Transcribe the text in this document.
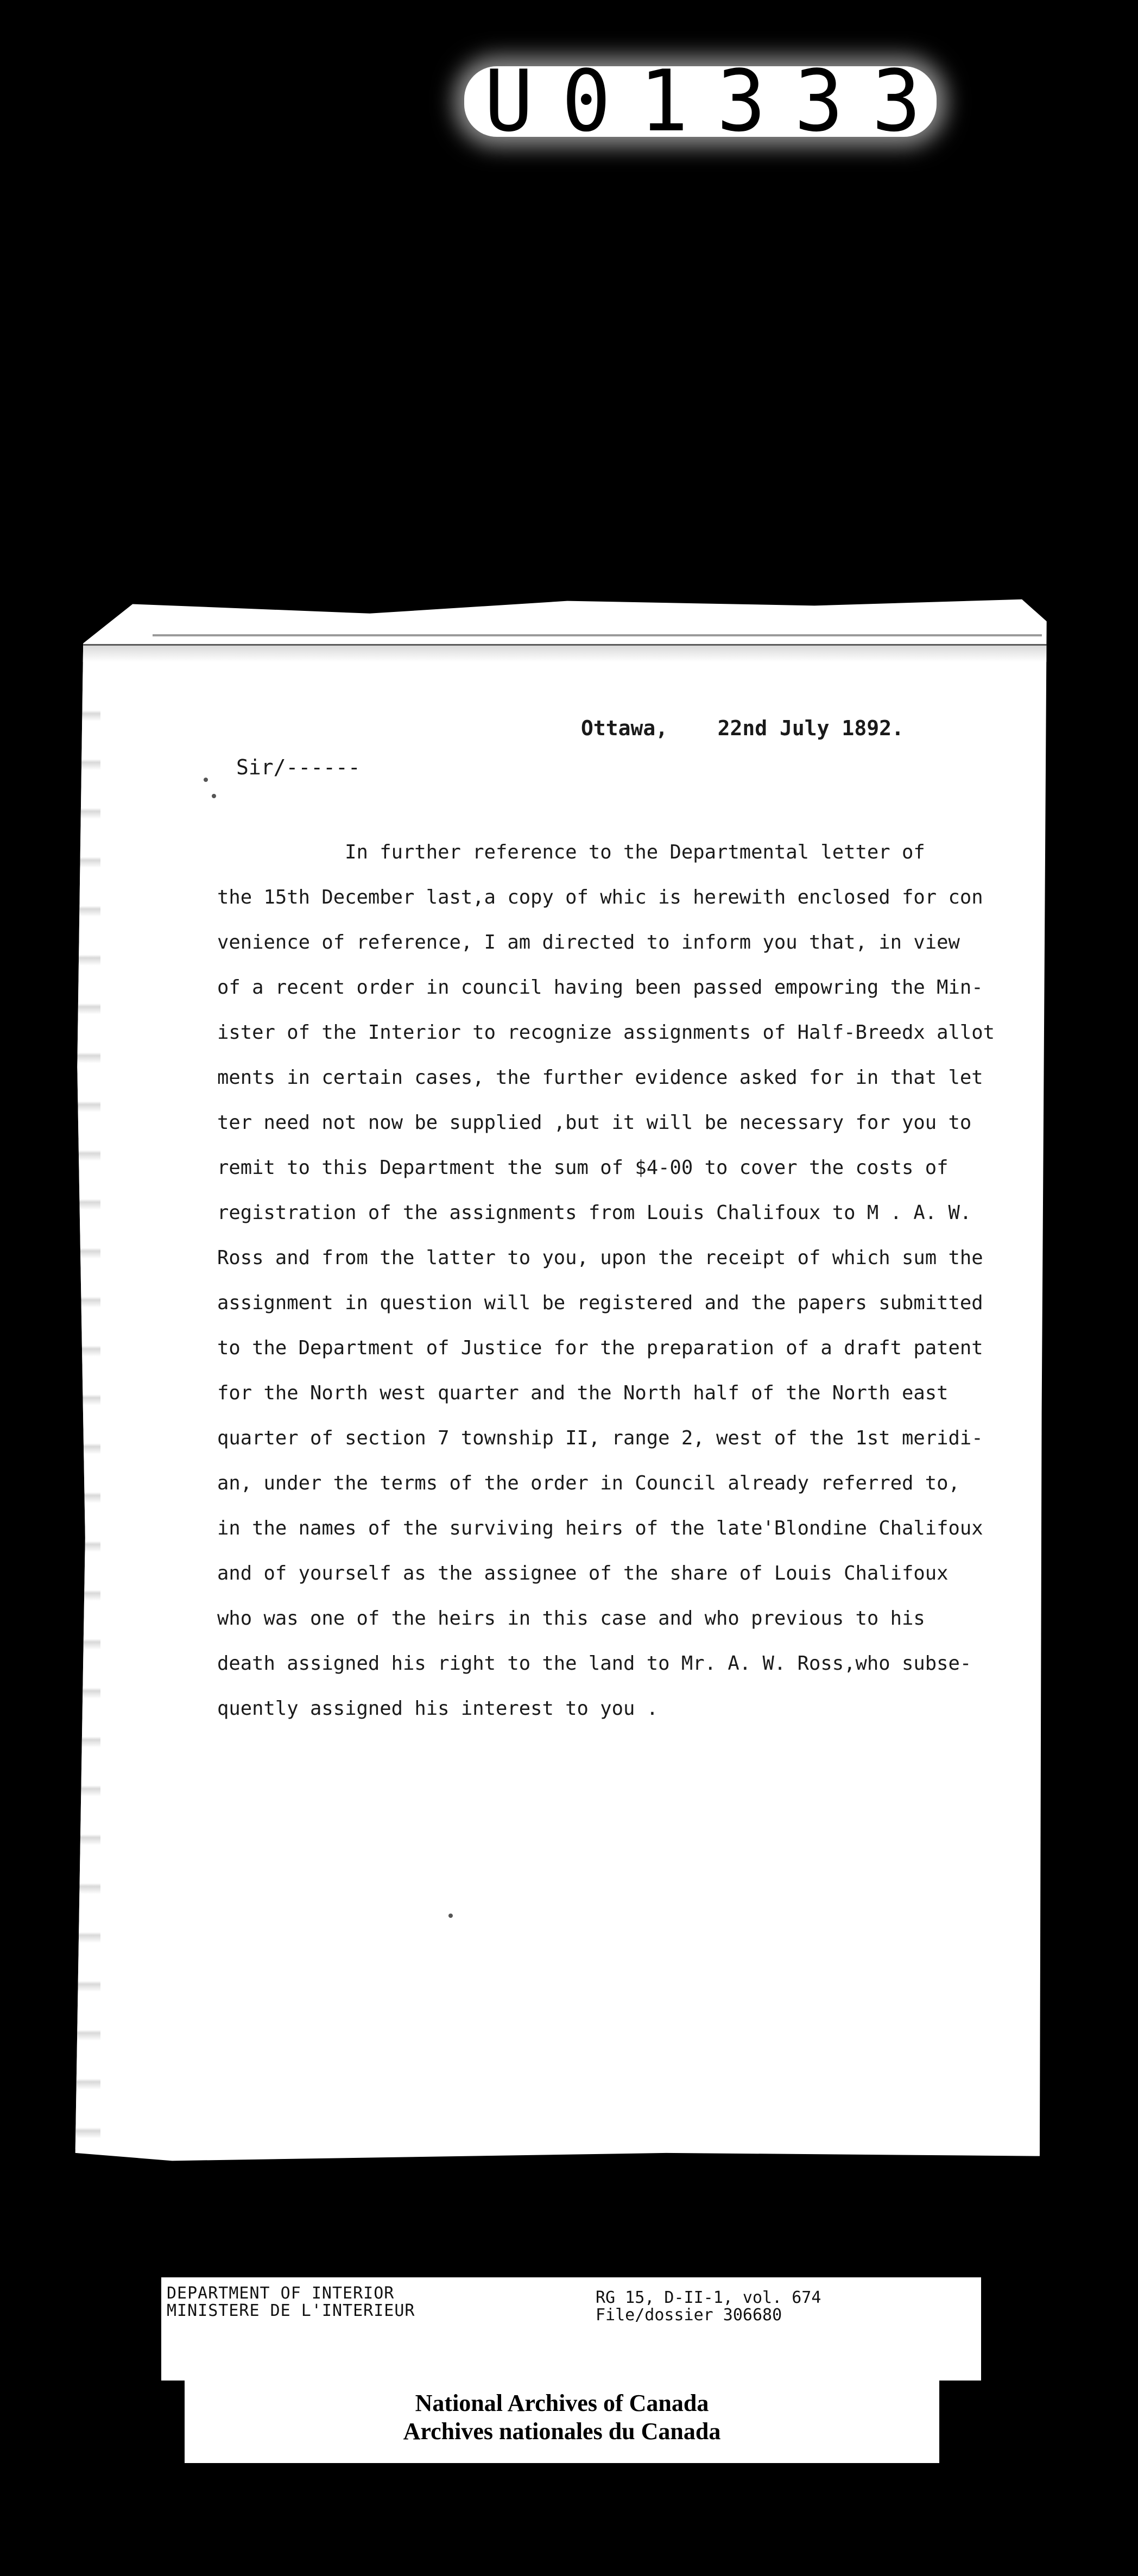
U01333
Ottawa,    22nd July 1892.
Sir/------
In further reference to the Departmental letter of
the 15th December last,a copy of whic is herewith enclosed for con
venience of reference, I am directed to inform you that, in view
of a recent order in council having been passed empowring the Min-
ister of the Interior to recognize assignments of Half-Breedx allot
ments in certain cases, the further evidence asked for in that let
ter need not now be supplied ,but it will be necessary for you to
remit to this Department the sum of $4-00 to cover the costs of
registration of the assignments from Louis Chalifoux to M . A. W.
Ross and from the latter to you, upon the receipt of which sum the
assignment in question will be registered and the papers submitted
to the Department of Justice for the preparation of a draft patent
for the North west quarter and the North half of the North east
quarter of section 7 township II, range 2, west of the 1st meridi-
an, under the terms of the order in Council already referred to,
in the names of the surviving heirs of the late'Blondine Chalifoux
and of yourself as the assignee of the share of Louis Chalifoux
who was one of the heirs in this case and who previous to his
death assigned his right to the land to Mr. A. W. Ross,who subse-
quently assigned his interest to you .
DEPARTMENT OF INTERIOR
MINISTERE DE L'INTERIEUR
RG 15, D-II-1, vol. 674
File/dossier 306680
National Archives of Canada
Archives nationales du Canada
